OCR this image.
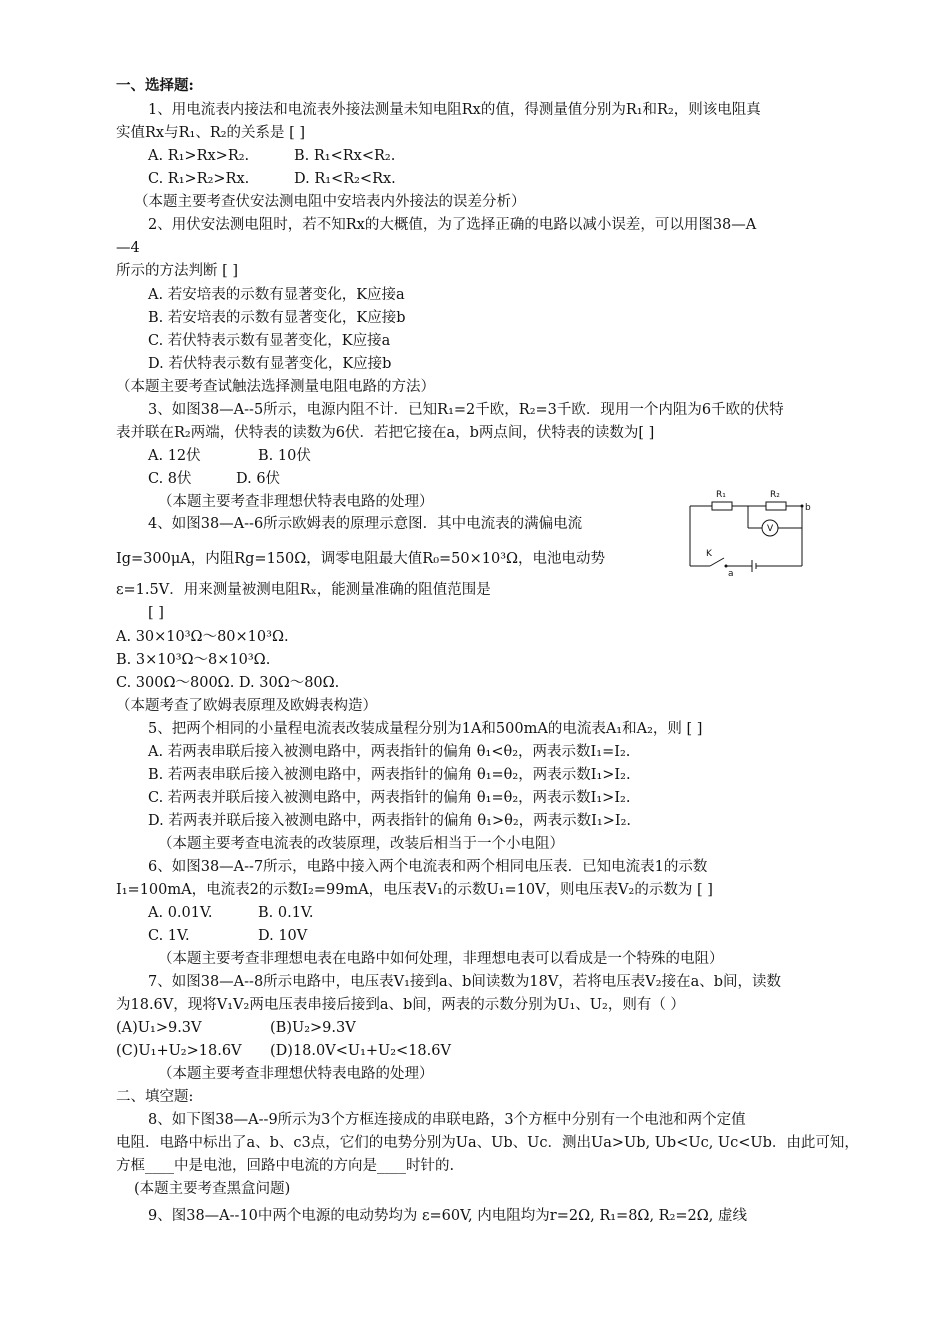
一、选择题:
1、用电流表内接法和电流表外接法测量未知电阻Rx的值，得测量值分别为R₁和R₂，则该电阻真
实值Rx与R₁、R₂的关系是 [ ]
A. R₁>Rx>R₂.	B. R₁<Rx<R₂.
C. R₁>R₂>Rx.	D. R₁<R₂<Rx.
（本题主要考查伏安法测电阻中安培表内外接法的误差分析）
2、用伏安法测电阻时，若不知Rx的大概值，为了选择正确的电路以减小误差，可以用图38—A
—4
所示的方法判断 [ ]
A. 若安培表的示数有显著变化，K应接a
B. 若安培表的示数有显著变化，K应接b
C. 若伏特表示数有显著变化，K应接a
D. 若伏特表示数有显著变化，K应接b
（本题主要考查试触法选择测量电阻电路的方法）
3、如图38—A--5所示，电源内阻不计．已知R₁=2千欧，R₂=3千欧．现用一个内阻为6千欧的伏特
表并联在R₂两端，伏特表的读数为6伏．若把它接在a，b两点间，伏特表的读数为[ ]
A. 12伏	B. 10伏
C. 8伏	D. 6伏
（本题主要考查非理想伏特表电路的处理）	R₁	R₂
V
b
K
a
4、如图38—A--6所示欧姆表的原理示意图．其中电流表的满偏电流
Ig=300μA，内阻Rg=150Ω，调零电阻最大值R₀=50×10³Ω，电池电动势
ε=1.5V．用来测量被测电阻Rₓ，能测量准确的阻值范围是
[ ]
A. 30×10³Ω～80×10³Ω.
B. 3×10³Ω～8×10³Ω.
C. 300Ω～800Ω. D. 30Ω～80Ω.
（本题考查了欧姆表原理及欧姆表构造）
5、把两个相同的小量程电流表改装成量程分别为1A和500mA的电流表A₁和A₂，则 [ ]
A. 若两表串联后接入被测电路中，两表指针的偏角 θ₁<θ₂，两表示数I₁=I₂.
B. 若两表串联后接入被测电路中，两表指针的偏角 θ₁=θ₂，两表示数I₁>I₂.
C. 若两表并联后接入被测电路中，两表指针的偏角 θ₁=θ₂，两表示数I₁>I₂.
D. 若两表并联后接入被测电路中，两表指针的偏角 θ₁>θ₂，两表示数I₁>I₂.
（本题主要考查电流表的改装原理，改装后相当于一个小电阻）
6、如图38—A--7所示，电路中接入两个电流表和两个相同电压表．已知电流表1的示数
I₁=100mA，电流表2的示数I₂=99mA，电压表V₁的示数U₁=10V，则电压表V₂的示数为 [ ]
A. 0.01V.	B. 0.1V.
C. 1V.	D. 10V
（本题主要考查非理想电表在电路中如何处理，非理想电表可以看成是一个特殊的电阻）
7、如图38—A--8所示电路中，电压表V₁接到a、b间读数为18V，若将电压表V₂接在a、b间，读数
为18.6V，现将V₁V₂两电压表串接后接到a、b间，两表的示数分别为U₁、U₂，则有（ ）
(A)U₁>9.3V	(B)U₂>9.3V
(C)U₁+U₂>18.6V (D)18.0V<U₁+U₂<18.6V
（本题主要考查非理想伏特表电路的处理）
二、填空题:
8、如下图38—A--9所示为3个方框连接成的串联电路，3个方框中分别有一个电池和两个定值
电阻．电路中标出了a、b、c3点，它们的电势分别为Ua、Ub、Uc．测出Ua>Ub, Ub<Uc, Uc<Ub．由此可知，
方框____中是电池，回路中电流的方向是____时针的.
(本题主要考查黑盒问题)
9、图38—A--10中两个电源的电动势均为 ε=60V, 内电阻均为r=2Ω, R₁=8Ω, R₂=2Ω, 虚线
